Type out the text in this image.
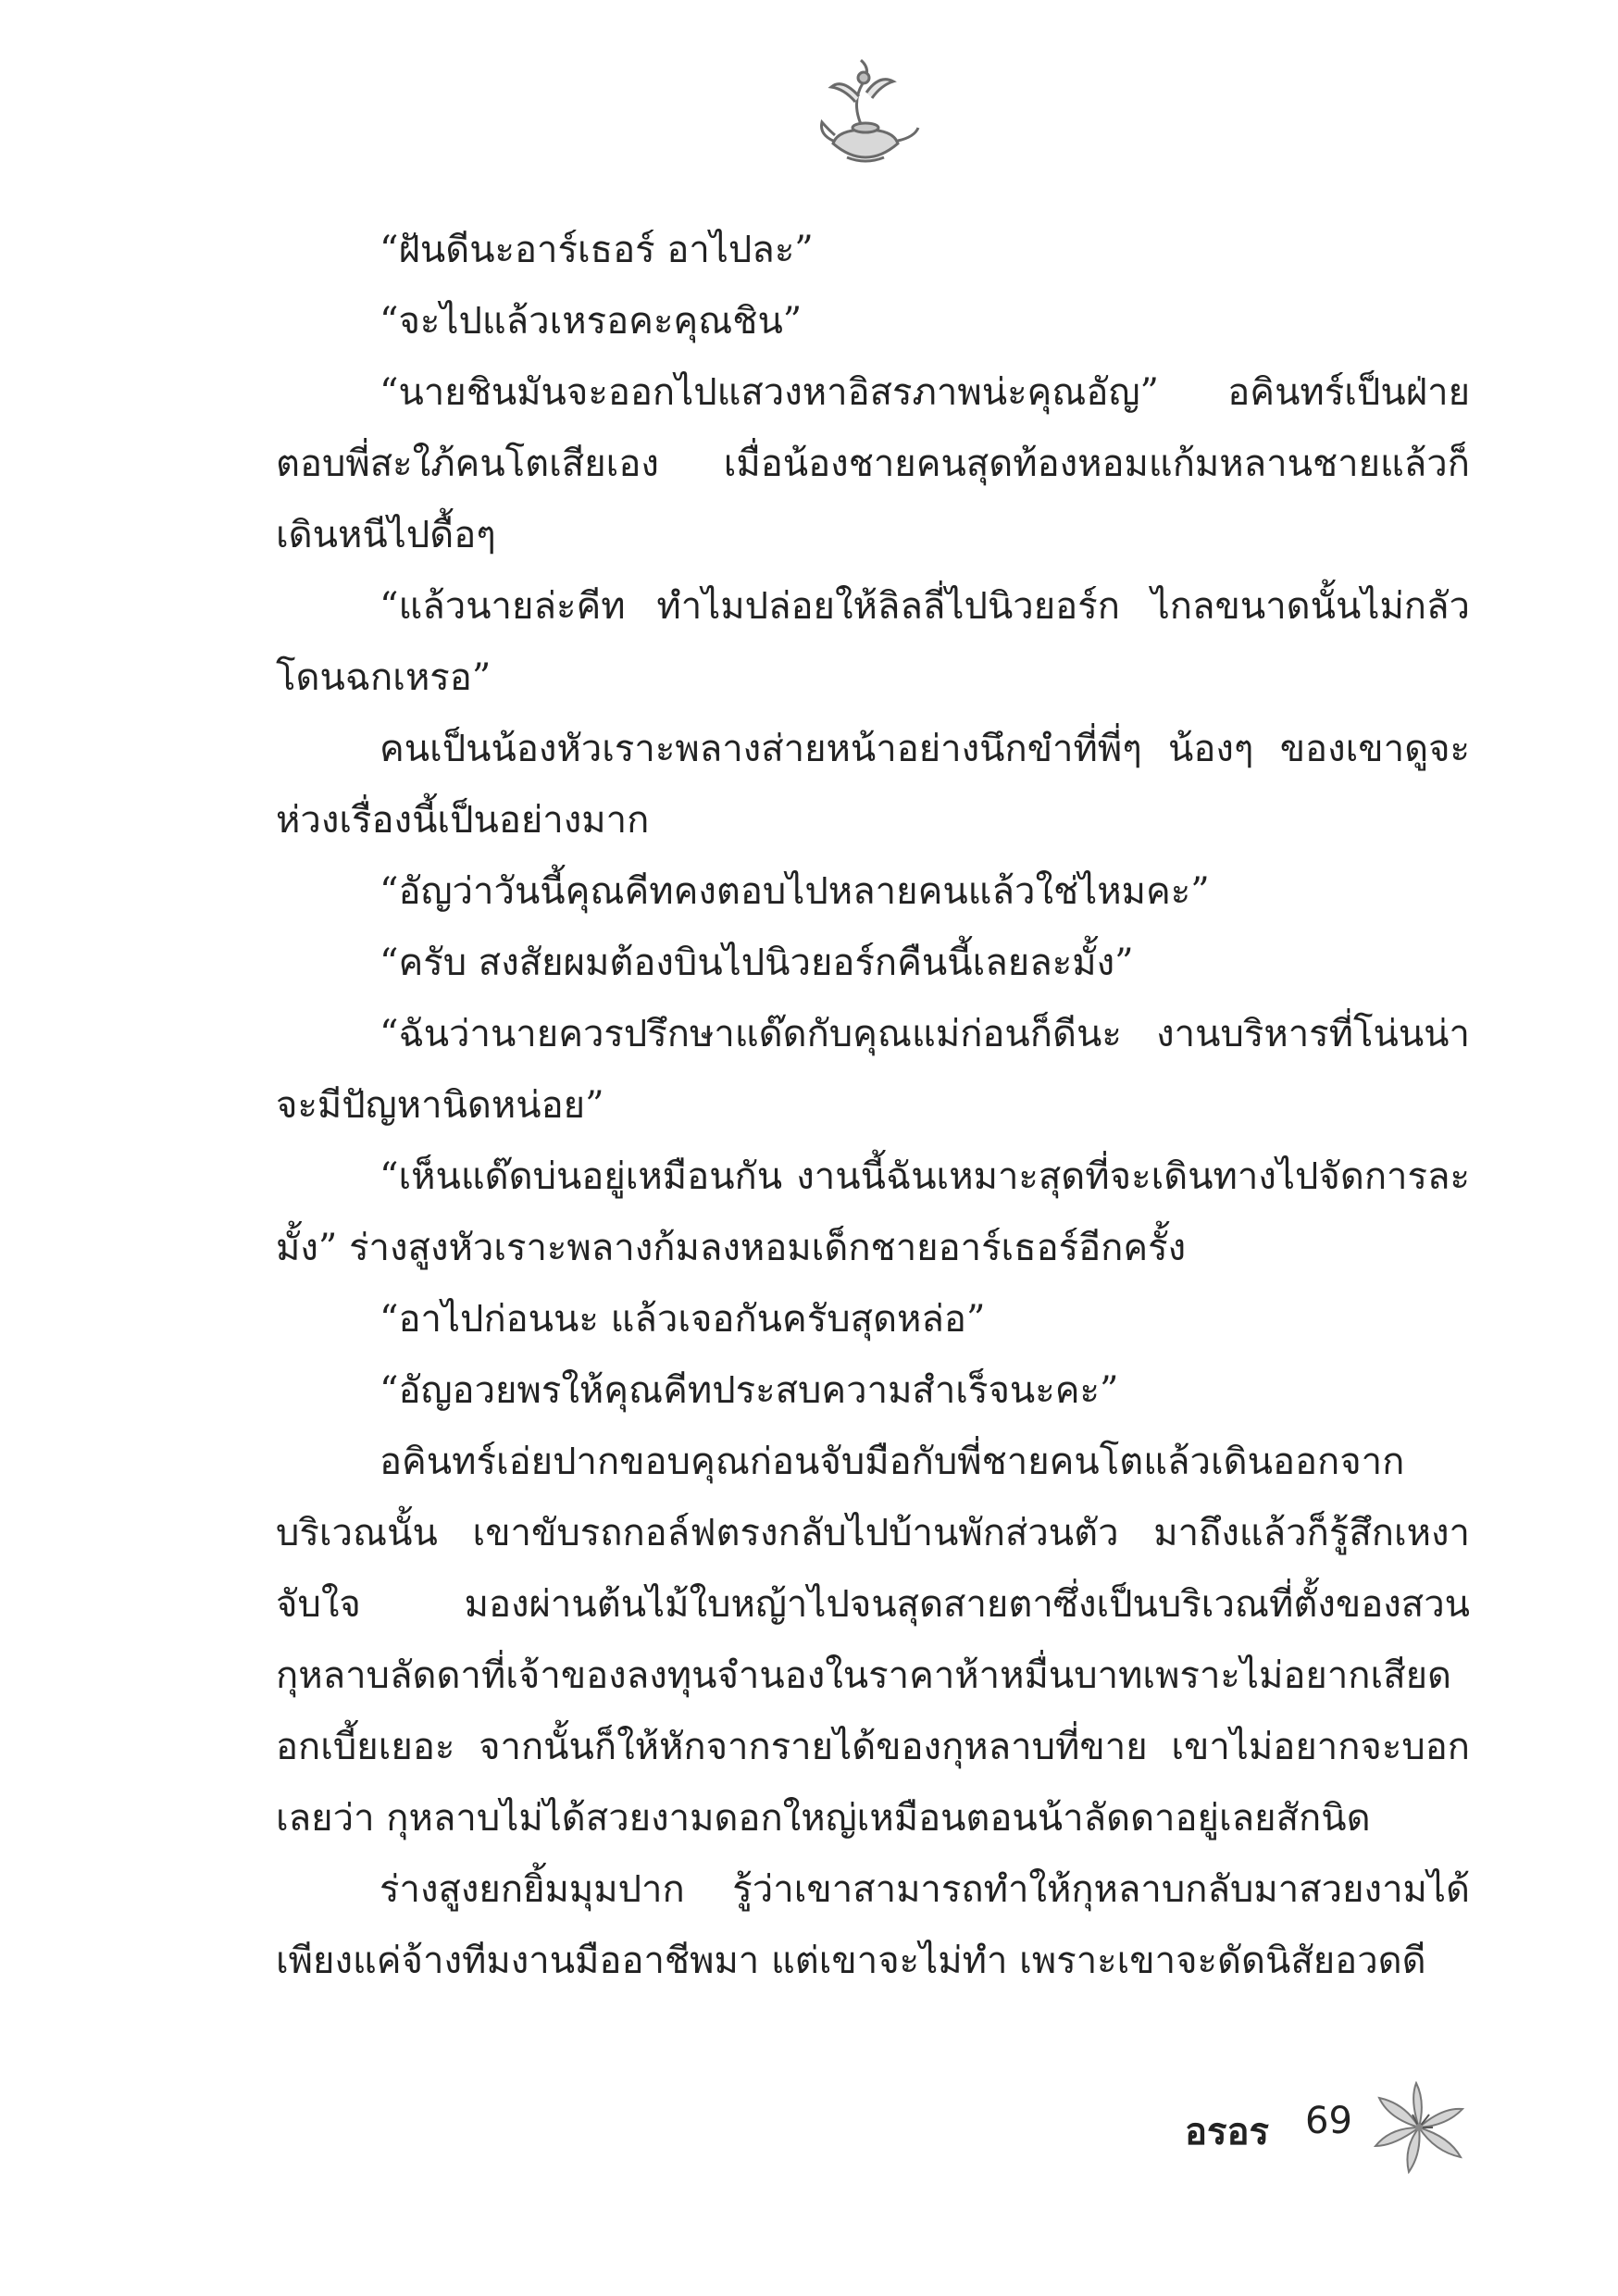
“ฝันดีนะอาร์เธอร์ อาไปละ”

“จะไปแล้วเหรอคะคุณชิน”

“นายชินมันจะออกไปแสวงหาอิสรภาพน่ะคุณอัญ” อคินทร์เป็นฝ่ายตอบพี่สะใภ้คนโตเสียเอง เมื่อน้องชายคนสุดท้องหอมแก้มหลานชายแล้วก็เดินหนีไปดื้อๆ

“แล้วนายล่ะคีท ทำไมปล่อยให้ลิลลี่ไปนิวยอร์ก ไกลขนาดนั้นไม่กลัวโดนฉกเหรอ”

คนเป็นน้องหัวเราะพลางส่ายหน้าอย่างนึกขำที่พี่ๆ น้องๆ ของเขาดูจะห่วงเรื่องนี้เป็นอย่างมาก

“อัญว่าวันนี้คุณคีทคงตอบไปหลายคนแล้วใช่ไหมคะ”

“ครับ สงสัยผมต้องบินไปนิวยอร์กคืนนี้เลยละมั้ง”

“ฉันว่านายควรปรึกษาแด๊ดกับคุณแม่ก่อนก็ดีนะ งานบริหารที่โน่นน่าจะมีปัญหานิดหน่อย”

“เห็นแด๊ดบ่นอยู่เหมือนกัน งานนี้ฉันเหมาะสุดที่จะเดินทางไปจัดการละมั้ง” ร่างสูงหัวเราะพลางก้มลงหอมเด็กชายอาร์เธอร์อีกครั้ง

“อาไปก่อนนะ แล้วเจอกันครับสุดหล่อ”

“อัญอวยพรให้คุณคีทประสบความสำเร็จนะคะ”

อคินทร์เอ่ยปากขอบคุณก่อนจับมือกับพี่ชายคนโตแล้วเดินออกจากบริเวณนั้น เขาขับรถกอล์ฟตรงกลับไปบ้านพักส่วนตัว มาถึงแล้วก็รู้สึกเหงาจับใจ มองผ่านต้นไม้ใบหญ้าไปจนสุดสายตาซึ่งเป็นบริเวณที่ตั้งของสวนกุหลาบลัดดาที่เจ้าของลงทุนจำนองในราคาห้าหมื่นบาทเพราะไม่อยากเสียดอกเบี้ยเยอะ จากนั้นก็ให้หักจากรายได้ของกุหลาบที่ขาย เขาไม่อยากจะบอกเลยว่า กุหลาบไม่ได้สวยงามดอกใหญ่เหมือนตอนน้าลัดดาอยู่เลยสักนิด

ร่างสูงยกยิ้มมุมปาก รู้ว่าเขาสามารถทำให้กุหลาบกลับมาสวยงามได้เพียงแค่จ้างทีมงานมืออาชีพมา แต่เขาจะไม่ทำ เพราะเขาจะดัดนิสัยอวดดี

อรอร 69
